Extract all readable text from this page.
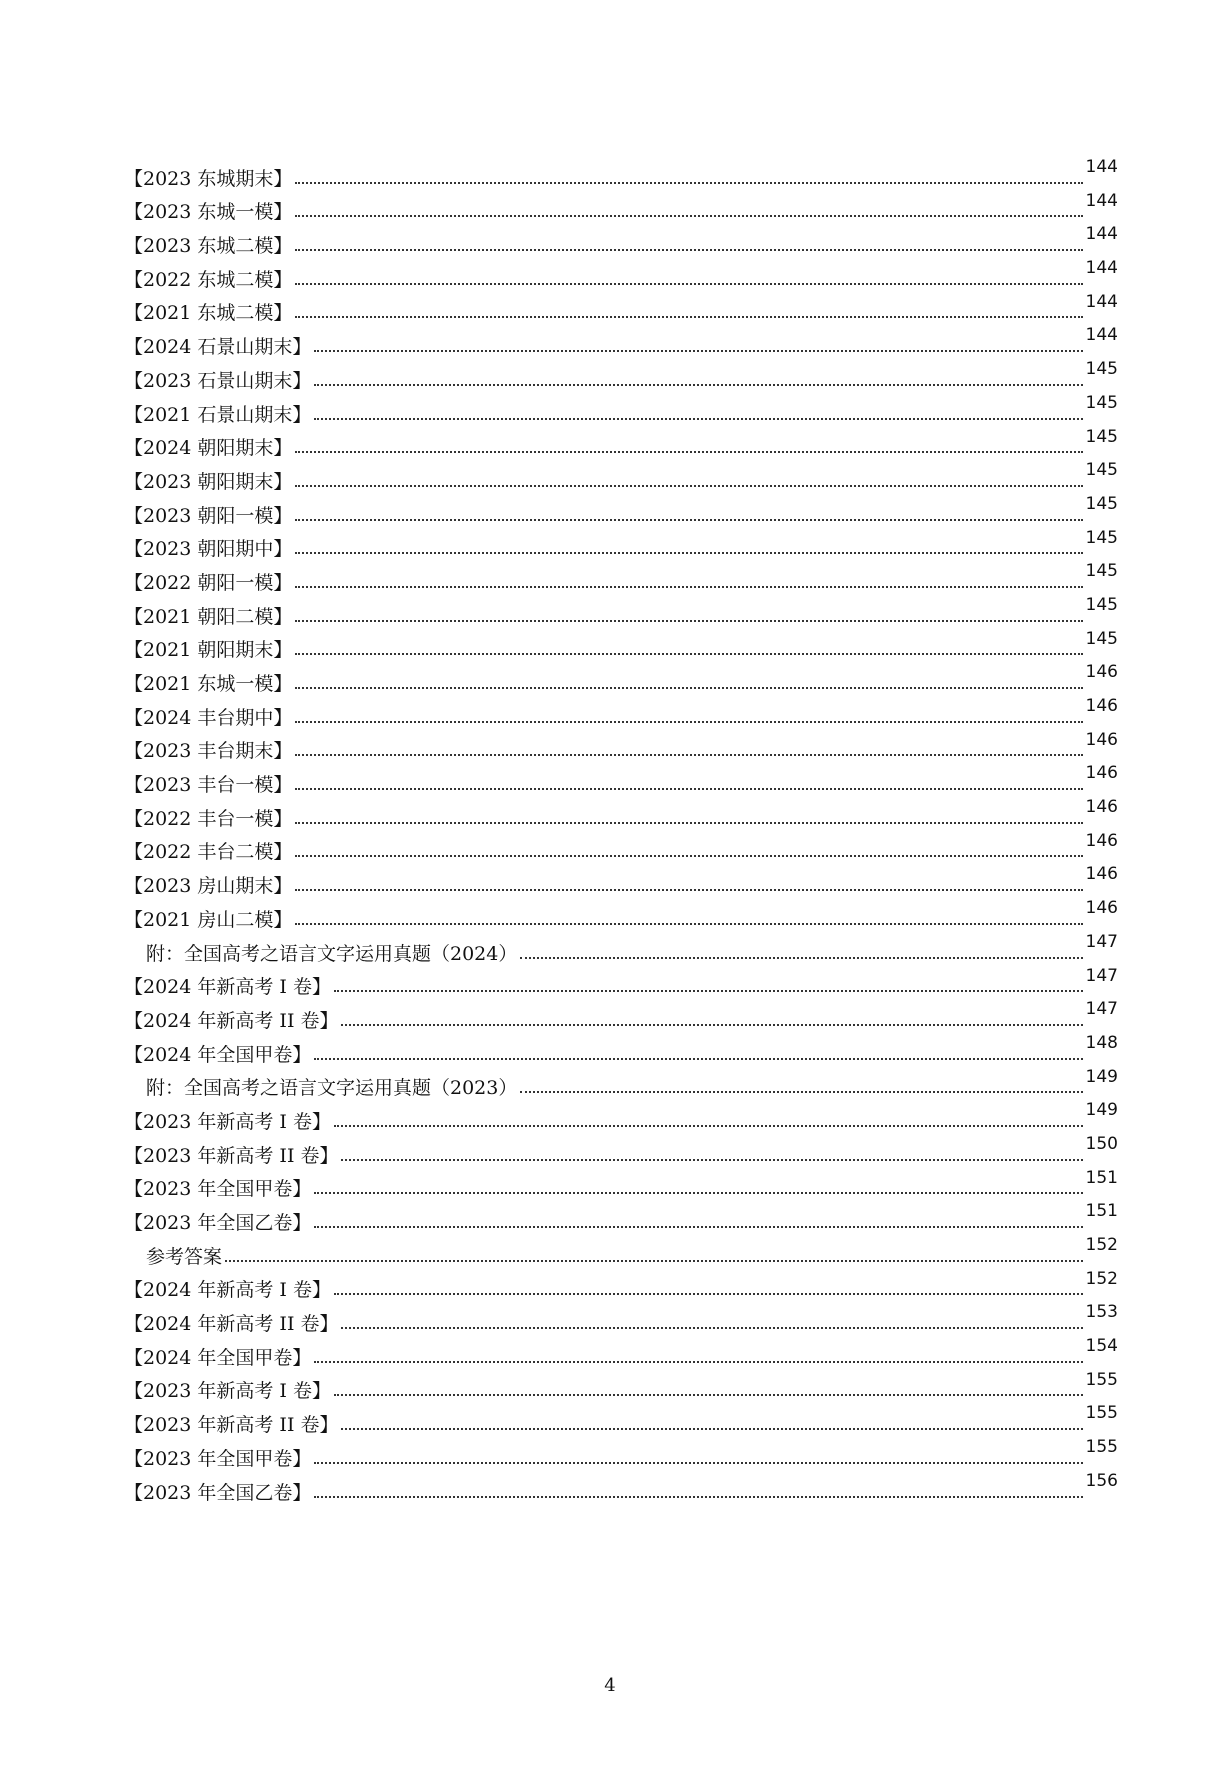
【2023 东城期末】
144
【2023 东城一模】
144
【2023 东城二模】
144
【2022 东城二模】
144
【2021 东城二模】
144
【2024 石景山期末】
144
【2023 石景山期末】
145
【2021 石景山期末】
145
【2024 朝阳期末】
145
【2023 朝阳期末】
145
【2023 朝阳一模】
145
【2023 朝阳期中】
145
【2022 朝阳一模】
145
【2021 朝阳二模】
145
【2021 朝阳期末】
145
【2021 东城一模】
146
【2024 丰台期中】
146
【2023 丰台期末】
146
【2023 丰台一模】
146
【2022 丰台一模】
146
【2022 丰台二模】
146
【2023 房山期末】
146
【2021 房山二模】
146
附：全国高考之语言文字运用真题（2024）
147
【2024 年新高考 I 卷】
147
【2024 年新高考 II 卷】
147
【2024 年全国甲卷】
148
附：全国高考之语言文字运用真题（2023）
149
【2023 年新高考 I 卷】
149
【2023 年新高考 II 卷】
150
【2023 年全国甲卷】
151
【2023 年全国乙卷】
151
参考答案
152
【2024 年新高考 I 卷】
152
【2024 年新高考 II 卷】
153
【2024 年全国甲卷】
154
【2023 年新高考 I 卷】
155
【2023 年新高考 II 卷】
155
【2023 年全国甲卷】
155
【2023 年全国乙卷】
156
4
